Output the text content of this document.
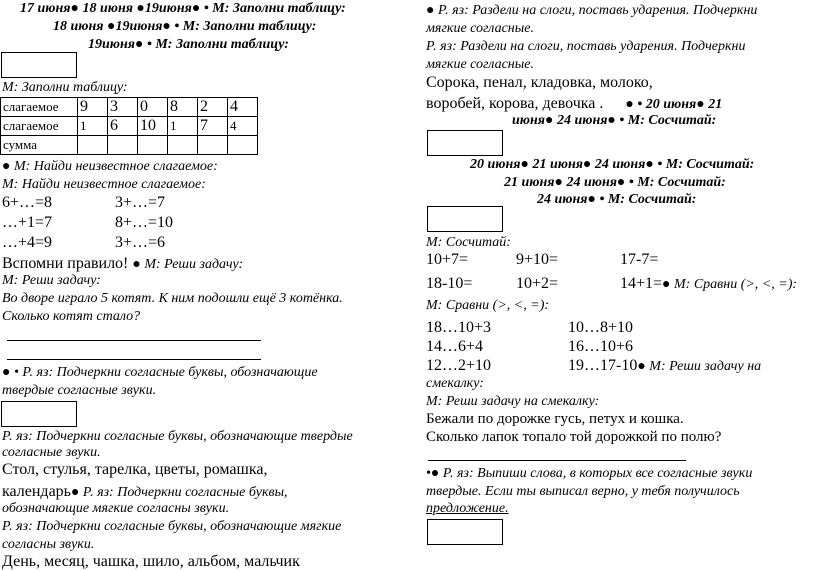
17 июня● 18 июня ●19июня● • М: Заполни таблицу:
18 июня ●19июня● • М: Заполни таблицу:
19июня● • М: Заполни таблицу:
М: Заполни таблицу:
слагаемое	9	3	0	8	2	4
слагаемое	1	6	10	1	7	4
сумма						
● М: Найди неизвестное слагаемое:
М: Найди неизвестное слагаемое:
6+…=8	3+…=7
…+1=7	8+…=10
…+4=9	3+…=6
Вспомни правило! ● М: Реши задачу:
М: Реши задачу:
Во дворе играло 5 котят. К ним подошли ещё 3 котёнка.
Сколько котят стало?
● • Р. яз: Подчеркни согласные буквы, обозначающие
твердые согласные звуки.
Р. яз: Подчеркни согласные буквы, обозначающие твердые
согласные звуки.
Стол, стулья, тарелка, цветы, ромашка,
календарь● Р. яз: Подчеркни согласные буквы,
обозначающие мягкие согласны звуки.
Р. яз: Подчеркни согласные буквы, обозначающие мягкие
согласны звуки.
День, месяц, чашка, шило, альбом, мальчик
● Р. яз: Раздели на слоги, поставь ударения. Подчеркни
мягкие согласные.
Р. яз: Раздели на слоги, поставь ударения. Подчеркни
мягкие согласные.
Сорока, пенал, кладовка, молоко,
воробей, корова, девочка . ● • 20 июня● 21
июня● 24 июня● • М: Сосчитай:
20 июня● 21 июня● 24 июня● • М: Сосчитай:
21 июня● 24 июня● • М: Сосчитай:
24 июня● • М: Сосчитай:
М: Сосчитай:
10+7=	9+10=	17-7=
18-10=	10+2=	14+1=● М: Сравни (>, <, =):
М: Сравни (>, <, =):
18…10+3	10…8+10
14…6+4	16…10+6
12…2+10	19…17-10● М: Реши задачу на
смекалку:
М: Реши задачу на смекалку:
Бежали по дорожке гусь, петух и кошка.
Сколько лапок топало той дорожкой по полю?
•● Р. яз: Выпиши слова, в которых все согласные звуки
твердые. Если ты выписал верно, у тебя получилось
предложение.
